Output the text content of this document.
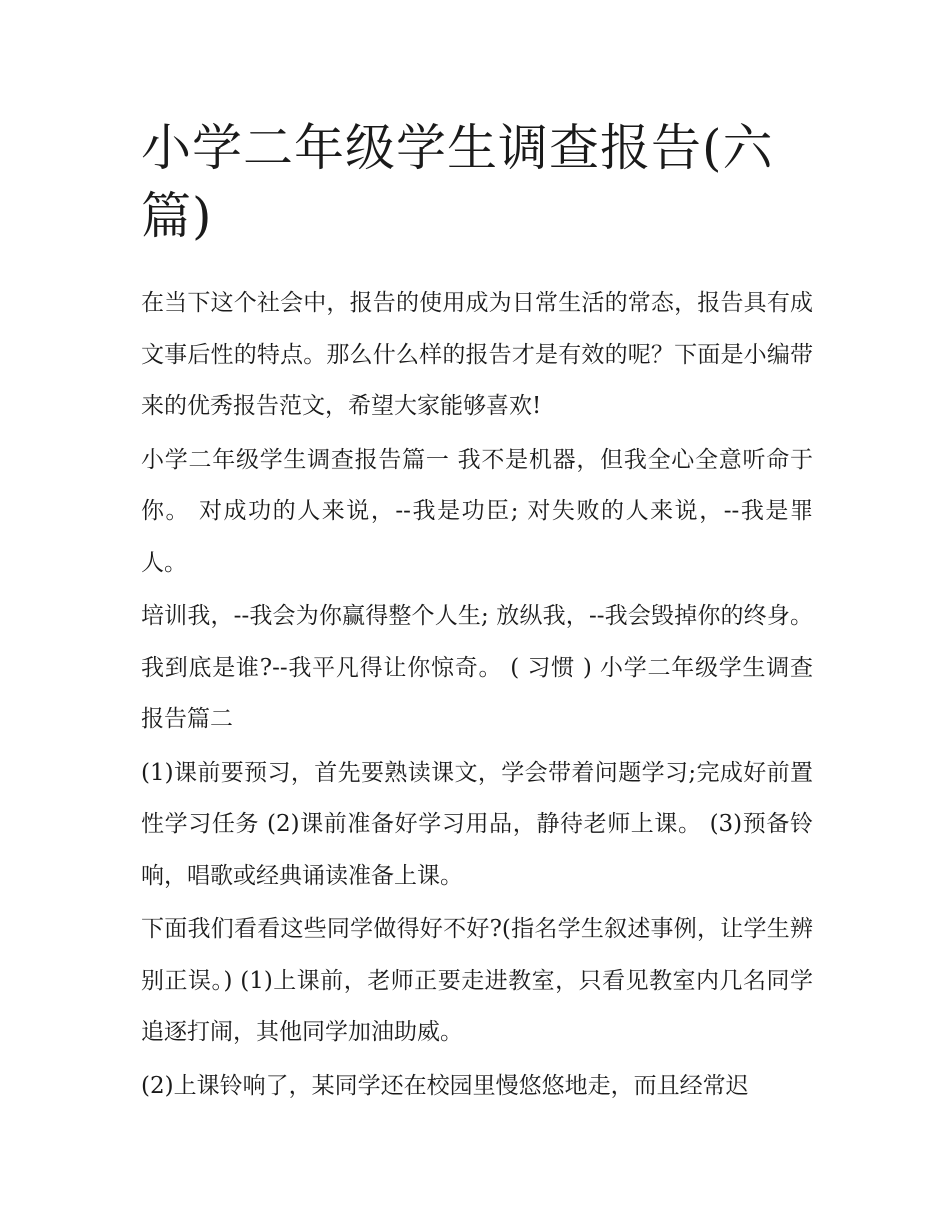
小学二年级学生调查报告(六篇)

在当下这个社会中，报告的使用成为日常生活的常态，报告具有成文事后性的特点。那么什么样的报告才是有效的呢？下面是小编带来的优秀报告范文，希望大家能够喜欢!

小学二年级学生调查报告篇一 我不是机器，但我全心全意听命于你。 对成功的人来说，--我是功臣; 对失败的人来说，--我是罪人。

培训我，--我会为你赢得整个人生; 放纵我，--我会毁掉你的终身。 我到底是谁?--我平凡得让你惊奇。 ( 习惯 ) 小学二年级学生调查报告篇二

(1)课前要预习，首先要熟读课文，学会带着问题学习;完成好前置性学习任务 (2)课前准备好学习用品，静待老师上课。 (3)预备铃响，唱歌或经典诵读准备上课。

下面我们看看这些同学做得好不好?(指名学生叙述事例，让学生辨别正误。) (1)上课前，老师正要走进教室，只看见教室内几名同学追逐打闹，其他同学加油助威。

(2)上课铃响了，某同学还在校园里慢悠悠地走，而且经常迟
